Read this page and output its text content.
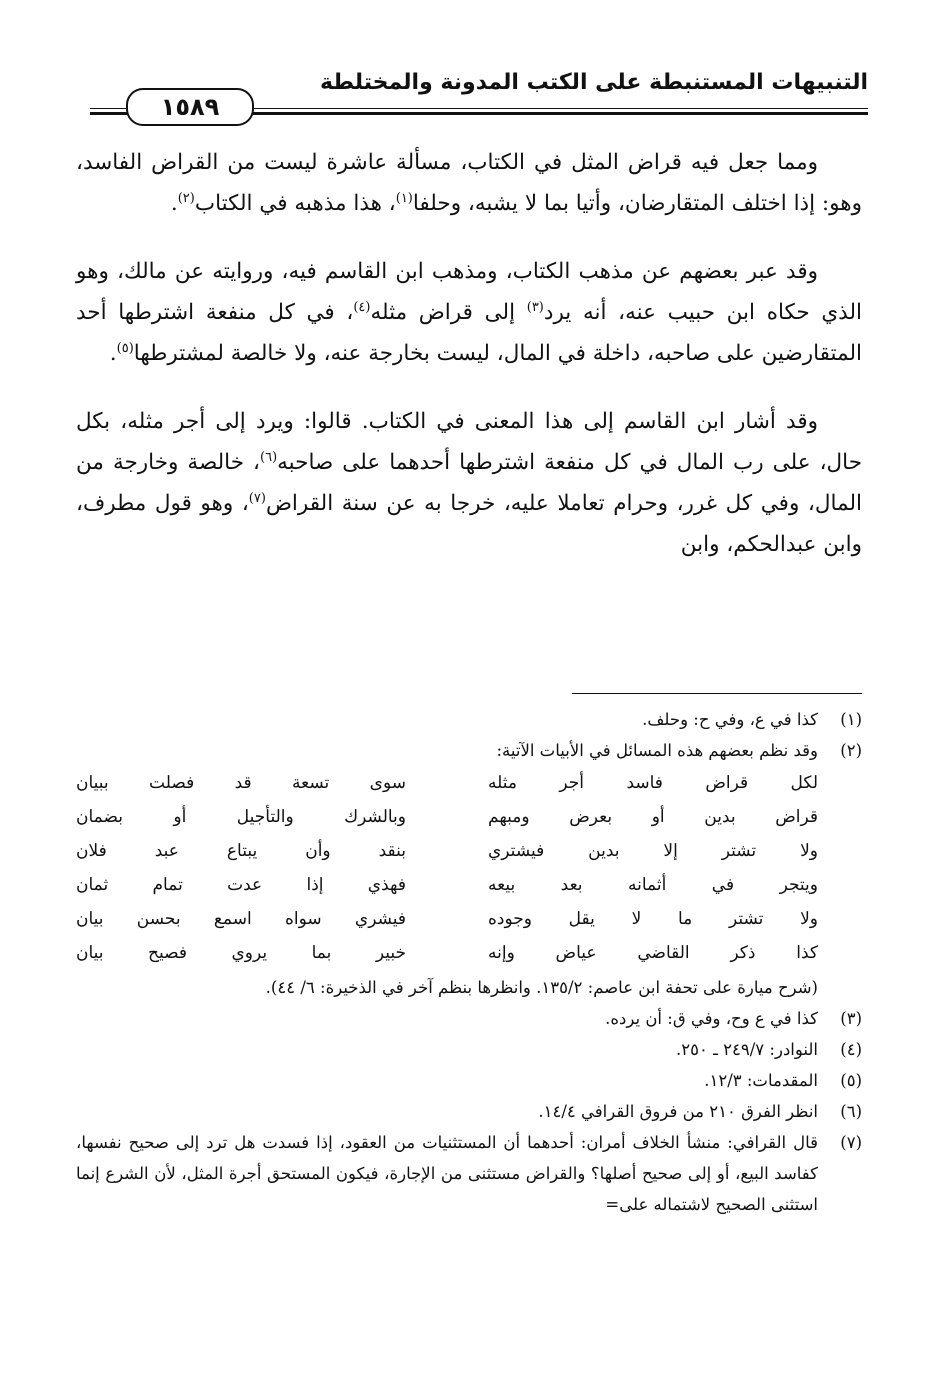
التنبيهات المستنبطة على الكتب المدونة والمختلطة
١٥٨٩

ومما جعل فيه قراض المثل في الكتاب، مسألة عاشرة ليست من القراض الفاسد، وهو: إذا اختلف المتقارضان، وأتيا بما لا يشبه، وحلفا$^{(١)}$، هذا مذهبه في الكتاب$^{(٢)}$.

وقد عبر بعضهم عن مذهب الكتاب، ومذهب ابن القاسم فيه، وروايته عن مالك، وهو الذي حكاه ابن حبيب عنه، أنه يرد$^{(٣)}$ إلى قراض مثله$^{(٤)}$، في كل منفعة اشترطها أحد المتقارضين على صاحبه، داخلة في المال، ليست بخارجة عنه، ولا خالصة لمشترطها$^{(٥)}$.

وقد أشار ابن القاسم إلى هذا المعنى في الكتاب. قالوا: ويرد إلى أجر مثله، بكل حال، على رب المال في كل منفعة اشترطها أحدهما على صاحبه$^{(٦)}$، خالصة وخارجة من المال، وفي كل غرر، وحرام تعاملا عليه، خرجا به عن سنة القراض$^{(٧)}$، وهو قول مطرف، وابن عبدالحكم، وابن

(١)
كذا في ع، وفي ح: وحلف.
(٢)
وقد نظم بعضهم هذه المسائل في الأبيات الآتية:
لكل قراض فاسد أجر مثله
سوى تسعة قد فصلت ببيان
قراض بدين أو بعرض ومبهم
وبالشرك والتأجيل أو بضمان
ولا تشتر إلا بدين فيشتري
بنقد وأن يبتاع عبد فلان
ويتجر في أثمانه بعد بيعه
فهذي إذا عدت تمام ثمان
ولا تشتر ما لا يقل وجوده
فيشري سواه اسمع بحسن بيان
كذا ذكر القاضي عياض وإنه
خبير بما يروي فصيح بيان
(شرح ميارة على تحفة ابن عاصم: ١٣٥/٢. وانظرها بنظم آخر في الذخيرة: ٦/ ٤٤).
(٣)
كذا في ع وح، وفي ق: أن يرده.
(٤)
النوادر: ٢٤٩/٧ ـ ٢٥٠.
(٥)
المقدمات: ١٢/٣.
(٦)
انظر الفرق ٢١٠ من فروق القرافي ١٤/٤.
(٧)
قال القرافي: منشأ الخلاف أمران: أحدهما أن المستثنيات من العقود، إذا فسدت هل ترد إلى صحيح نفسها، كفاسد البيع، أو إلى صحيح أصلها؟ والقراض مستثنى من الإجارة، فيكون المستحق أجرة المثل، لأن الشرع إنما استثنى الصحيح لاشتماله على=
